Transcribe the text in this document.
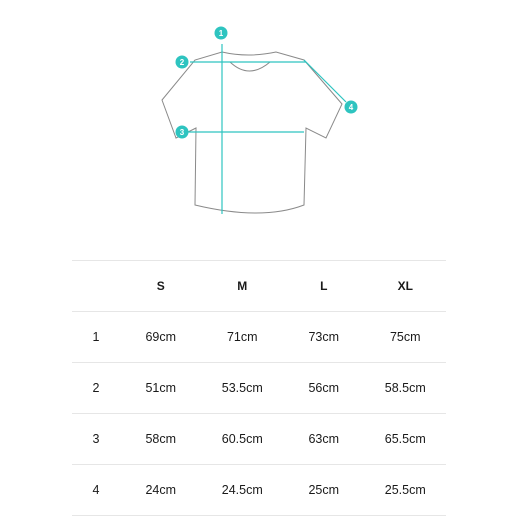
1
2
3
4
	S	M	L	XL
1	69cm	71cm	73cm	75cm
2	51cm	53.5cm	56cm	58.5cm
3	58cm	60.5cm	63cm	65.5cm
4	24cm	24.5cm	25cm	25.5cm
